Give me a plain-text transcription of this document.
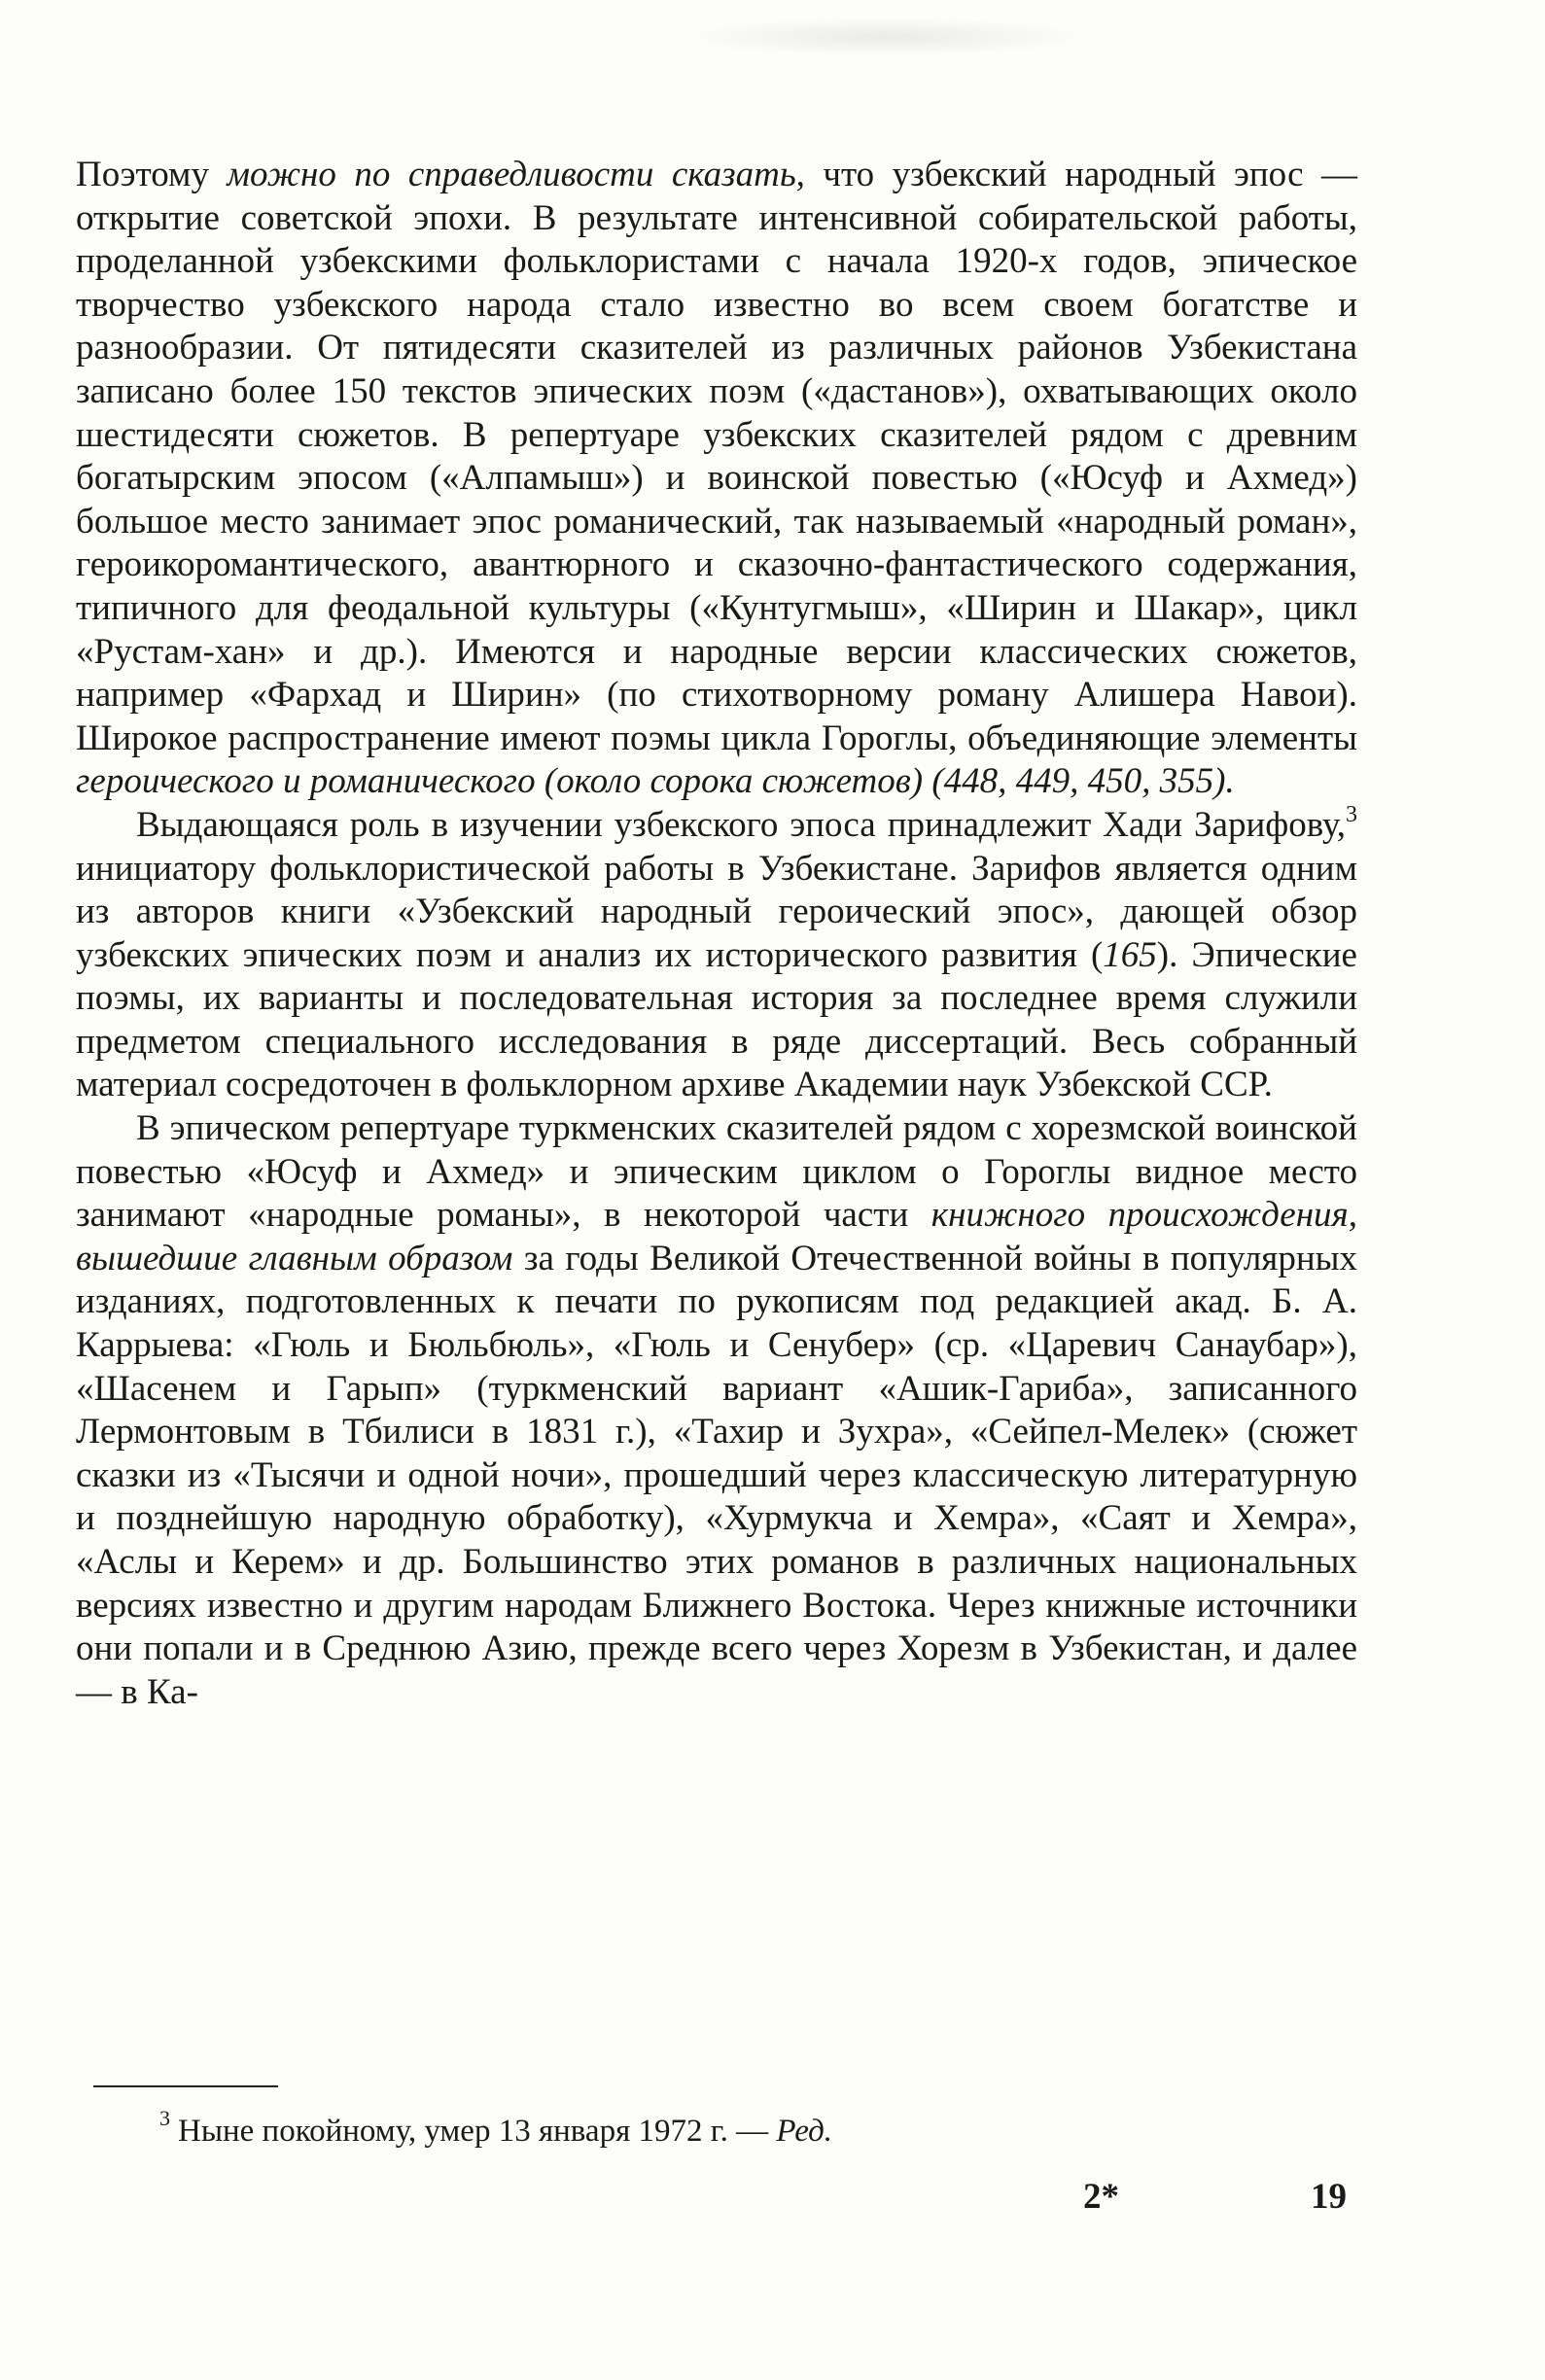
Поэтому можно по справедливости сказать, что узбекский народный эпос — открытие советской эпохи. В результате интенсивной собирательской работы, проделанной узбекскими фольклористами с начала 1920-х годов, эпическое творчество узбекского народа стало известно во всем своем богатстве и разнообразии. От пятидесяти сказителей из различных районов Узбекистана записано более 150 текстов эпических поэм («дастанов»), охватывающих около шестидесяти сюжетов. В репертуаре узбекских сказителей рядом с древним богатырским эпосом («Алпамыш») и воинской повестью («Юсуф и Ахмед») большое место занимает эпос романический, так называемый «народный роман», героикоромантического, авантюрного и сказочно-фантастического содержания, типичного для феодальной культуры («Кунтугмыш», «Ширин и Шакар», цикл «Рустам-хан» и др.). Имеются и народные версии классических сюжетов, например «Фархад и Ширин» (по стихотворному роману Алишера Навои). Широкое распространение имеют поэмы цикла Гороглы, объединяющие элементы героического и романического (около сорока сюжетов) (448, 449, 450, 355).

Выдающаяся роль в изучении узбекского эпоса принадлежит Хади Зарифову,$^3$ инициатору фольклористической работы в Узбекистане. Зарифов является одним из авторов книги «Узбекский народный героический эпос», дающей обзор узбекских эпических поэм и анализ их исторического развития (165). Эпические поэмы, их варианты и последовательная история за последнее время служили предметом специального исследования в ряде диссертаций. Весь собранный материал сосредоточен в фольклорном архиве Академии наук Узбекской ССР.

В эпическом репертуаре туркменских сказителей рядом с хорезмской воинской повестью «Юсуф и Ахмед» и эпическим циклом о Гороглы видное место занимают «народные романы», в некоторой части книжного происхождения, вышедшие главным образом за годы Великой Отечественной войны в популярных изданиях, подготовленных к печати по рукописям под редакцией акад. Б. А. Каррыева: «Гюль и Бюльбюль», «Гюль и Сенубер» (ср. «Царевич Санаубар»), «Шасенем и Гарып» (туркменский вариант «Ашик-Гариба», записанного Лермонтовым в Тбилиси в 1831 г.), «Тахир и Зухра», «Сейпел-Мелек» (сюжет сказки из «Тысячи и одной ночи», прошедший через классическую литературную и позднейшую народную обработку), «Хурмукча и Хемра», «Саят и Хемра», «Аслы и Керем» и др. Большинство этих романов в различных национальных версиях известно и другим народам Ближнего Востока. Через книжные источники они попали и в Среднюю Азию, прежде всего через Хорезм в Узбекистан, и далее — в Ка-

$^3$ Ныне покойному, умер 13 января 1972 г. — Ред.
2*	19
